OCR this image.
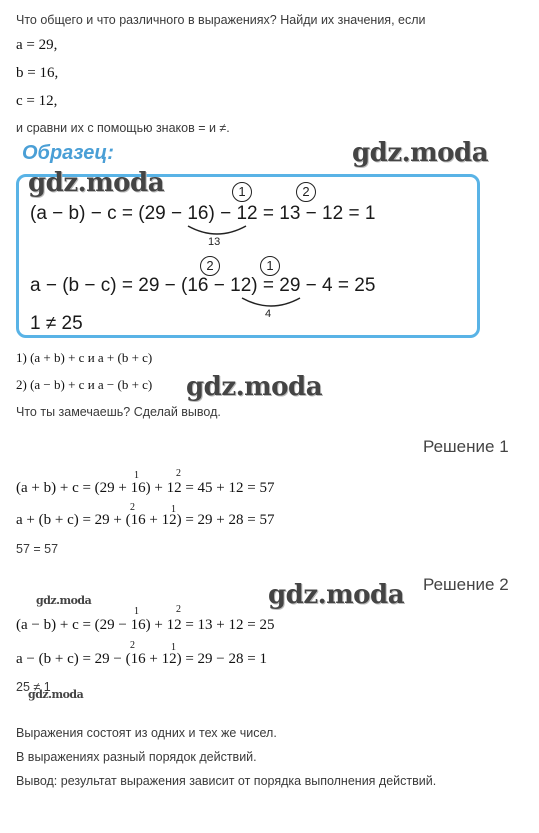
Что общего и что различного в выражениях? Найди их значения, если
a = 29,
b = 16,
c = 12,
и сравни их с помощью знаков = и ≠.
Образец:	gdz.moda
gdz.moda	1	2
(a − b) − c = (29 − 16) − 12 = 13 − 12 = 1
13
2	1
a − (b − c) = 29 − (16 − 12) = 29 − 4 = 25
4
1 ≠ 25
1) (a + b) + c и a + (b + c)
2) (a − b) + c и a − (b + c) gdz.moda
Что ты замечаешь? Сделай вывод.
Решение 1
1	2
(a + b) + c = (29 + 16) + 12 = 45 + 12 = 57
2	1
a + (b + c) = 29 + (16 + 12) = 29 + 28 = 57
57 = 57
gdz.moda Решение 2
gdz.moda
1	2
(a − b) + c = (29 − 16) + 12 = 13 + 12 = 25
2	1
a − (b + c) = 29 − (16 + 12) = 29 − 28 = 1
25 ≠ 1
gdz.moda
Выражения состоят из одних и тех же чисел.
В выражениях разный порядок действий.
Вывод: результат выражения зависит от порядка выполнения действий.
